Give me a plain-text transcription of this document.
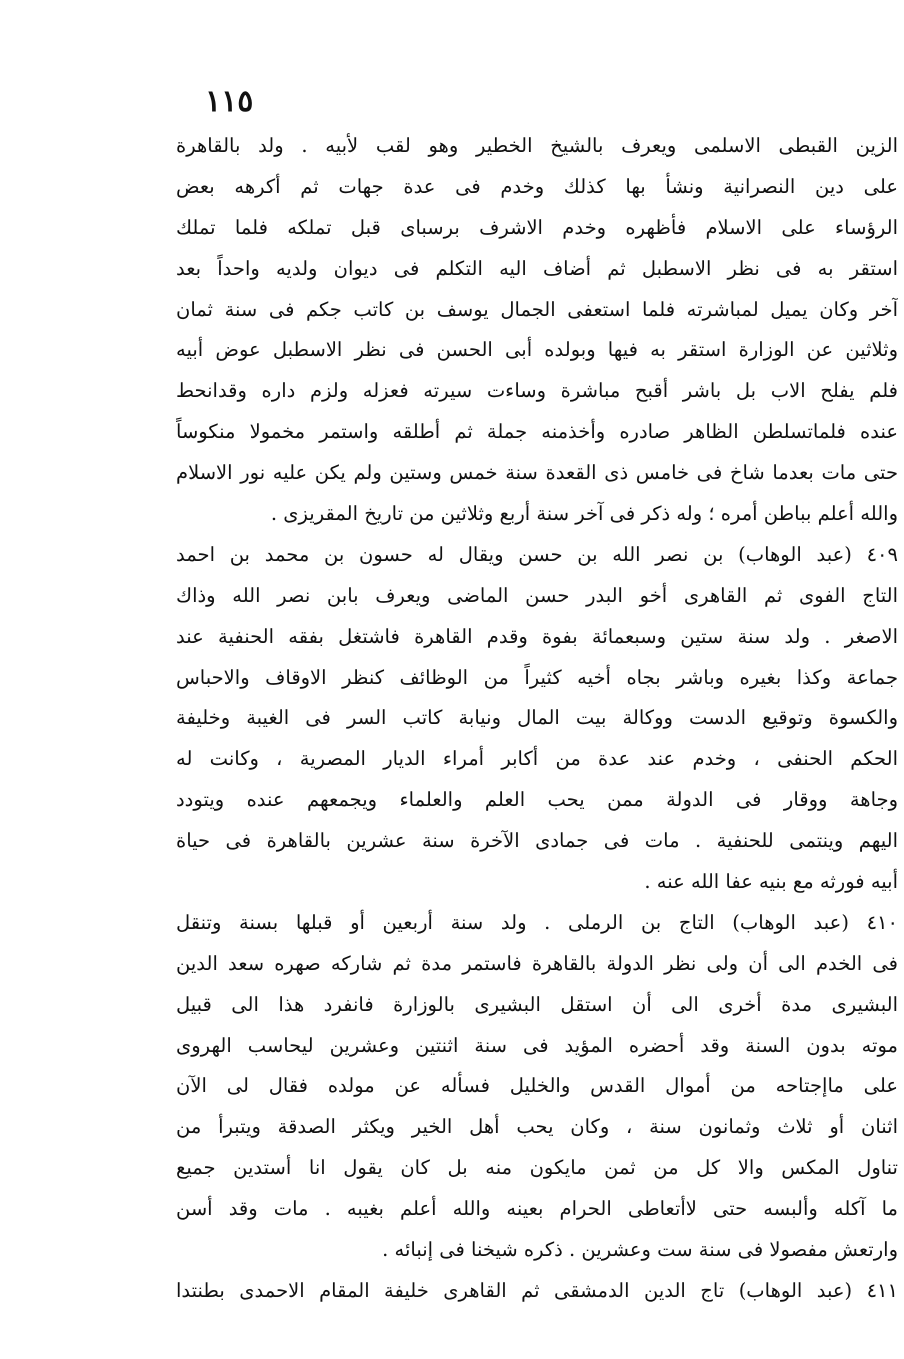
١١٥
الزين القبطى الاسلمى ويعرف بالشيخ الخطير وهو لقب لأبيه . ولد بالقاهرة
على دين النصرانية ونشأ بها كذلك وخدم فى عدة جهات ثم أكرهه بعض
الرؤساء على الاسلام فأظهره وخدم الاشرف برسباى قبل تملكه فلما تملك
استقر به فى نظر الاسطبل ثم أضاف اليه التكلم فى ديوان ولديه واحداً بعد
آخر وكان يميل لمباشرته فلما استعفى الجمال يوسف بن كاتب جكم فى سنة ثمان
وثلاثين عن الوزارة استقر به فيها وبولده أبى الحسن فى نظر الاسطبل عوض أبيه
فلم يفلح الاب بل باشر أقبح مباشرة وساءت سيرته فعزله ولزم داره وقدانحط
عنده فلماتسلطن الظاهر صادره وأخذمنه جملة ثم أطلقه واستمر مخمولا منكوساً
حتى مات بعدما شاخ فى خامس ذى القعدة سنة خمس وستين ولم يكن عليه نور الاسلام
والله أعلم بباطن أمره ؛ وله ذكر فى آخر سنة أربع وثلاثين من تاريخ المقريزى .
٤٠٩ (عبد الوهاب) بن نصر الله بن حسن ويقال له حسون بن محمد بن احمد
التاج الفوى ثم القاهرى أخو البدر حسن الماضى ويعرف بابن نصر الله وذاك
الاصغر . ولد سنة ستين وسبعمائة بفوة وقدم القاهرة فاشتغل بفقه الحنفية عند
جماعة وكذا بغيره وباشر بجاه أخيه كثيراً من الوظائف كنظر الاوقاف والاحباس
والكسوة وتوقيع الدست ووكالة بيت المال ونيابة كاتب السر فى الغيبة وخليفة
الحكم الحنفى ، وخدم عند عدة من أكابر أمراء الديار المصرية ، وكانت له
وجاهة ووقار فى الدولة ممن يحب العلم والعلماء ويجمعهم عنده ويتودد
اليهم وينتمى للحنفية . مات فى جمادى الآخرة سنة عشرين بالقاهرة فى حياة
أبيه فورثه مع بنيه عفا الله عنه .
٤١٠ (عبد الوهاب) التاج بن الرملى . ولد سنة أربعين أو قبلها بسنة وتنقل
فى الخدم الى أن ولى نظر الدولة بالقاهرة فاستمر مدة ثم شاركه صهره سعد الدين
البشيرى مدة أخرى الى أن استقل البشيرى بالوزارة فانفرد هذا الى قبيل
موته بدون السنة وقد أحضره المؤيد فى سنة اثنتين وعشرين ليحاسب الهروى
على ماإجتاحه من أموال القدس والخليل فسأله عن مولده فقال لى الآن
اثنان أو ثلاث وثمانون سنة ، وكان يحب أهل الخير ويكثر الصدقة ويتبرأ من
تناول المكس والا كل من ثمن مايكون منه بل كان يقول انا أستدين جميع
ما آكله وألبسه حتى لاأتعاطى الحرام بعينه والله أعلم بغيبه . مات وقد أسن
وارتعش مفصولا فى سنة ست وعشرين . ذكره شيخنا فى إنبائه .
٤١١ (عبد الوهاب) تاج الدين الدمشقى ثم القاهرى خليفة المقام الاحمدى بطنتدا
